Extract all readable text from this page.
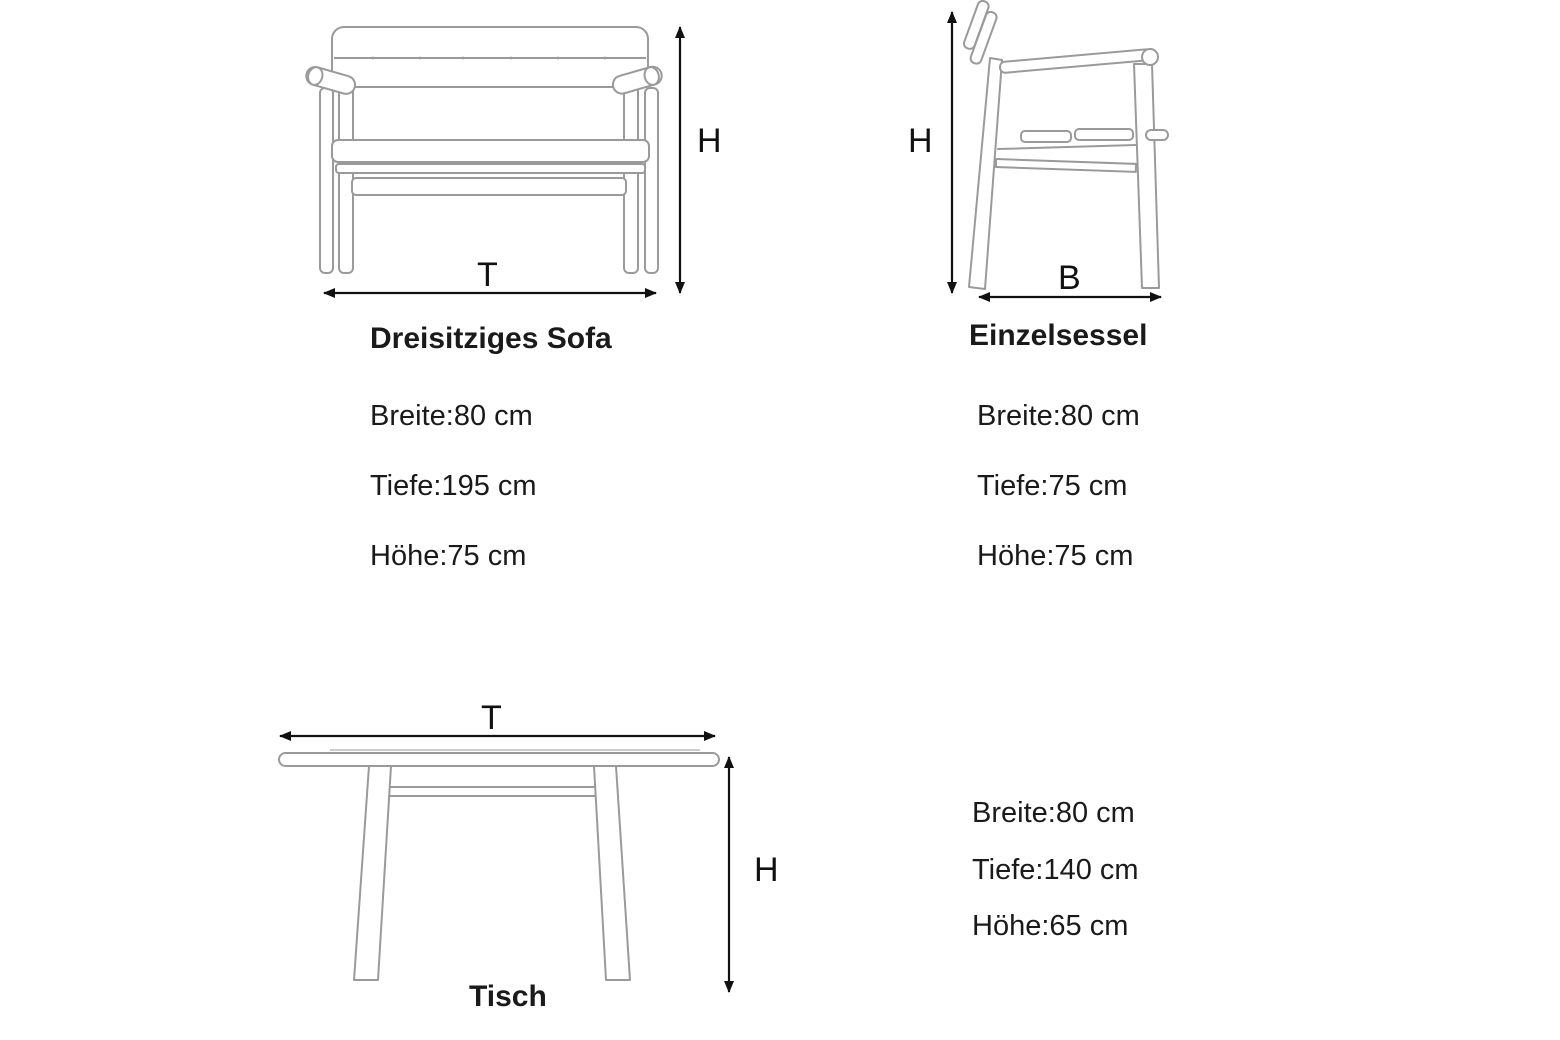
T
H
Dreisitziges Sofa
Breite:80 cm
Tiefe:195 cm
Höhe:75 cm
H
B
Einzelsessel
Breite:80 cm
Tiefe:75 cm
Höhe:75 cm
T
H
Tisch
Breite:80 cm
Tiefe:140 cm
Höhe:65 cm
